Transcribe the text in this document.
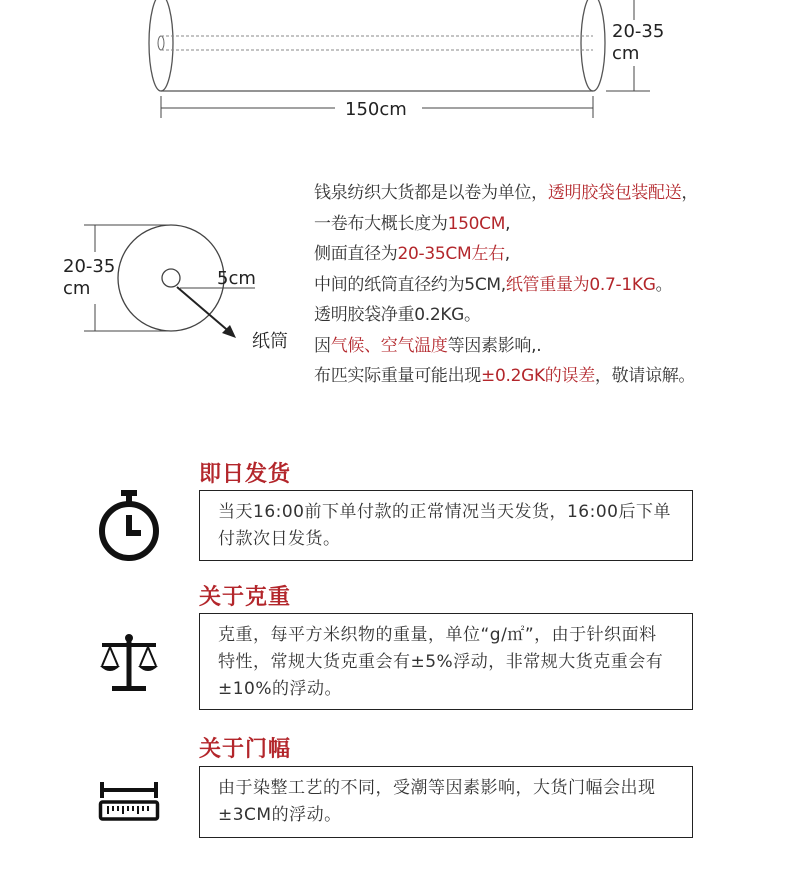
20-35
cm
150cm
20-35
cm	5cm
纸筒
钱泉纺织大货都是以卷为单位，透明胶袋包装配送，
一卷布大概长度为150CM,
侧面直径为20-35CM左右,
中间的纸筒直径约为5CM,纸管重量为0.7-1KG。
透明胶袋净重0.2KG。
因气候、空气温度等因素影响,.
布匹实际重量可能出现±0.2GK的误差，敬请谅解。
即日发货
当天16:00前下单付款的正常情况当天发货，16:00后下单付款次日发货。
关于克重
克重，每平方米织物的重量，单位“g/㎡”，由于针织面料特性，常规大货克重会有±5%浮动，非常规大货克重会有±10%的浮动。
关于门幅
由于染整工艺的不同，受潮等因素影响，大货门幅会出现±3CM的浮动。
